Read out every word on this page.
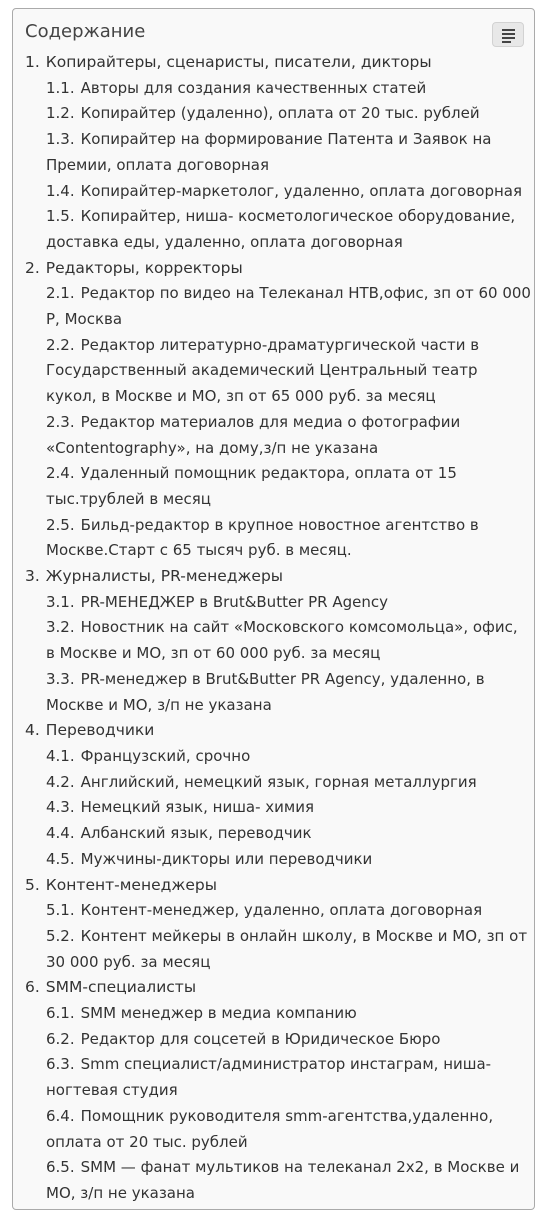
Содержание
1. Копирайтеры, сценаристы, писатели, дикторы
1.1. Авторы для создания качественных статей
1.2. Копирайтер (удаленно), оплата от 20 тыс. рублей
1.3. Копирайтер на формирование Патента и Заявок на Премии, оплата договорная
1.4. Копирайтер-маркетолог, удаленно, оплата договорная
1.5. Копирайтер, ниша- косметологическое оборудование, доставка еды, удаленно, оплата договорная
2. Редакторы, корректоры
2.1. Редактор по видео на Телеканал НТВ,офис, зп от 60 000 Р, Москва
2.2. Редактор литературно-драматургической части в Государственный академический Центральный театр кукол, в Москве и МО, зп от 65 000 руб. за месяц
2.3. Редактор материалов для медиа о фотографии «Contentography», на дому,з/п не указана
2.4. Удаленный помощник редактора, оплата от 15 тыс.трублей в месяц
2.5. Бильд-редактор в крупное новостное агентство в Москве.Старт с 65 тысяч руб. в месяц.
3. Журналисты, PR-менеджеры
3.1. PR-МЕНЕДЖЕР в Brut&Butter PR Agency
3.2. Новостник на сайт «Московского комсомольца», офис, в Москве и МО, зп от 60 000 руб. за месяц
3.3. PR-менеджер в Brut&Butter PR Agency, удаленно, в Москве и МО, з/п не указана
4. Переводчики
4.1. Французский, срочно
4.2. Английский, немецкий язык, горная металлургия
4.3. Немецкий язык, ниша- химия
4.4. Албанский язык, переводчик
4.5. Мужчины-дикторы или переводчики
5. Контент-менеджеры
5.1. Контент-менеджер, удаленно, оплата договорная
5.2. Контент мейкеры в онлайн школу, в Москве и МО, зп от 30 000 руб. за месяц
6. SMM-специалисты
6.1. SMM менеджер в медиа компанию
6.2. Редактор для соцсетей в Юридическое Бюро
6.3. Smm специалист/администратор инстаграм, ниша- ногтевая студия
6.4. Помощник руководителя smm-агентства,удаленно, оплата от 20 тыс. рублей
6.5. SMM — фанат мультиков на телеканал 2х2, в Москве и МО, з/п не указана
